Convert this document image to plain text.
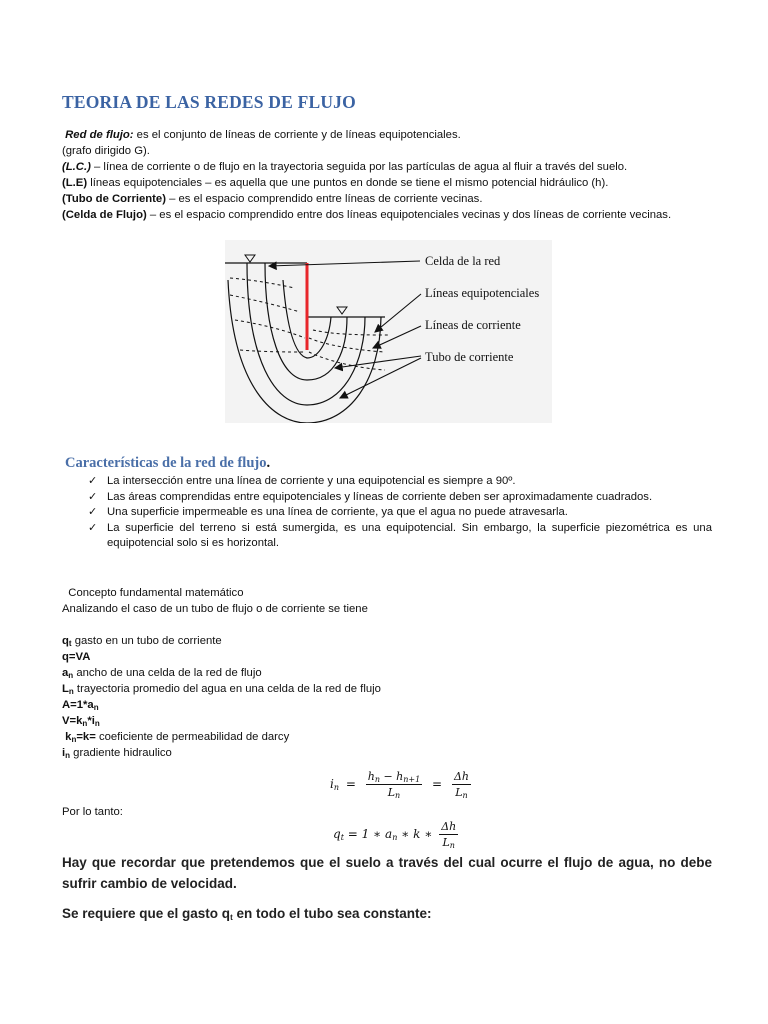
TEORIA DE LAS REDES DE FLUJO
Red de flujo: es el conjunto de líneas de corriente y de líneas equipotenciales.
(grafo dirigido G).
(L.C.) – línea de corriente o de flujo en la trayectoria seguida por las partículas de agua al fluir a través del suelo.
(L.E) líneas equipotenciales – es aquella que une puntos en donde se tiene el mismo potencial hidráulico (h).
(Tubo de Corriente) – es el espacio comprendido entre líneas de corriente vecinas.
(Celda de Flujo) – es el espacio comprendido entre dos líneas equipotenciales vecinas y dos líneas de corriente vecinas.
Celda de la red
Líneas equipotenciales
Líneas de corriente
Tubo de corriente
Características de la red de flujo.
✓ La intersección entre una línea de corriente y una equipotencial es siempre a 90º.
✓ Las áreas comprendidas entre equipotenciales y líneas de corriente deben ser aproximadamente cuadrados.
✓ Una superficie impermeable es una línea de corriente, ya que el agua no puede atravesarla.
✓ La superficie del terreno si está sumergida, es una equipotencial. Sin embargo, la superficie piezométrica es una equipotencial solo si es horizontal.
Concepto fundamental matemático
Analizando el caso de un tubo de flujo o de corriente se tiene
$q_t$ gasto en un tubo de corriente
q=VA
$a_n$ ancho de una celda de la red de flujo
$L_n$ trayectoria promedio del agua en una celda de la red de flujo
$A=1*a_n$
$V=k_n*i_n$
$k_n=k=$ coeficiente de permeabilidad de darcy
$i_n$ gradiente hidraulico
$i_n = \frac{h_n - h_{n+1}}{L_n} = \frac{\Delta h}{L_n}$
Por lo tanto:
$q_t = 1$ ∗ $a_n$ ∗ k ∗ $\frac{\Delta h}{L_n}$
Hay que recordar que pretendemos que el suelo a través del cual ocurre el flujo de agua, no debe sufrir cambio de velocidad.
Se requiere que el gasto $q_t$ en todo el tubo sea constante:
